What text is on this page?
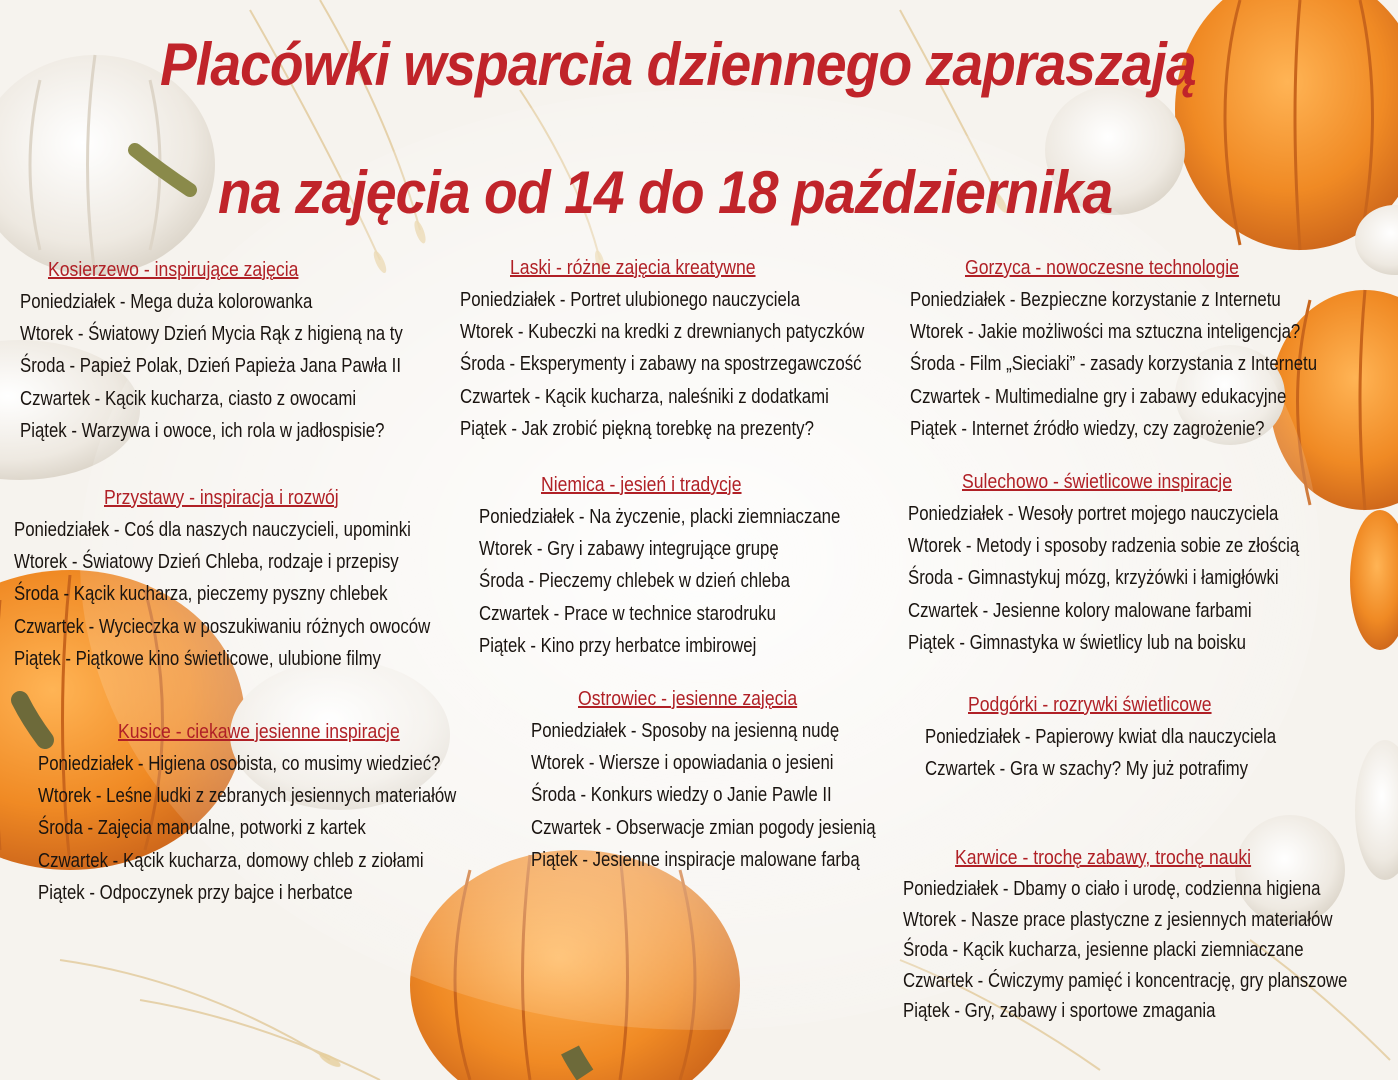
Placówki wsparcia dziennego zapraszają
na zajęcia od 14 do 18 października
Kosierzewo - inspirujące zajęcia
Poniedziałek - Mega duża kolorowanka
Wtorek - Światowy Dzień Mycia Rąk z higieną na ty
Środa - Papież Polak, Dzień Papieża Jana Pawła II
Czwartek - Kącik kucharza, ciasto z owocami
Piątek - Warzywa i owoce, ich rola w jadłospisie?
Przystawy - inspiracja i rozwój
Poniedziałek - Coś dla naszych nauczycieli, upominki
Wtorek - Światowy Dzień Chleba, rodzaje i przepisy
Środa - Kącik kucharza, pieczemy pyszny chlebek
Czwartek - Wycieczka w poszukiwaniu różnych owoców
Piątek - Piątkowe kino świetlicowe, ulubione filmy
Kusice - ciekawe jesienne inspiracje
Poniedziałek - Higiena osobista, co musimy wiedzieć?
Wtorek - Leśne ludki z zebranych jesiennych materiałów
Środa - Zajęcia manualne, potworki z kartek
Czwartek - Kącik kucharza, domowy chleb z ziołami
Piątek - Odpoczynek przy bajce i herbatce
Laski - różne zajęcia kreatywne
Poniedziałek - Portret ulubionego nauczyciela
Wtorek - Kubeczki na kredki z drewnianych patyczków
Środa - Eksperymenty i zabawy na spostrzegawczość
Czwartek - Kącik kucharza, naleśniki z dodatkami
Piątek - Jak zrobić piękną torebkę na prezenty?
Niemica - jesień i tradycje
Poniedziałek - Na życzenie, placki ziemniaczane
Wtorek - Gry i zabawy integrujące grupę
Środa - Pieczemy chlebek w dzień chleba
Czwartek - Prace w technice starodruku
Piątek - Kino przy herbatce imbirowej
Ostrowiec - jesienne zajęcia
Poniedziałek - Sposoby na jesienną nudę
Wtorek - Wiersze i opowiadania o jesieni
Środa - Konkurs wiedzy o Janie Pawle II
Czwartek - Obserwacje zmian pogody jesienią
Piątek - Jesienne inspiracje malowane farbą
Gorzyca - nowoczesne technologie
Poniedziałek - Bezpieczne korzystanie z Internetu
Wtorek - Jakie możliwości ma sztuczna inteligencja?
Środa - Film „Sieciaki” - zasady korzystania z Internetu
Czwartek - Multimedialne gry i zabawy edukacyjne
Piątek - Internet źródło wiedzy, czy zagrożenie?
Sulechowo - świetlicowe inspiracje
Poniedziałek - Wesoły portret mojego nauczyciela
Wtorek - Metody i sposoby radzenia sobie ze złością
Środa - Gimnastykuj mózg, krzyżówki i łamigłówki
Czwartek - Jesienne kolory malowane farbami
Piątek - Gimnastyka w świetlicy lub na boisku
Podgórki - rozrywki świetlicowe
Poniedziałek - Papierowy kwiat dla nauczyciela
Czwartek - Gra w szachy? My już potrafimy
Karwice - trochę zabawy, trochę nauki
Poniedziałek - Dbamy o ciało i urodę, codzienna higiena
Wtorek - Nasze prace plastyczne z jesiennych materiałów
Środa - Kącik kucharza, jesienne placki ziemniaczane
Czwartek - Ćwiczymy pamięć i koncentrację, gry planszowe
Piątek - Gry, zabawy i sportowe zmagania
